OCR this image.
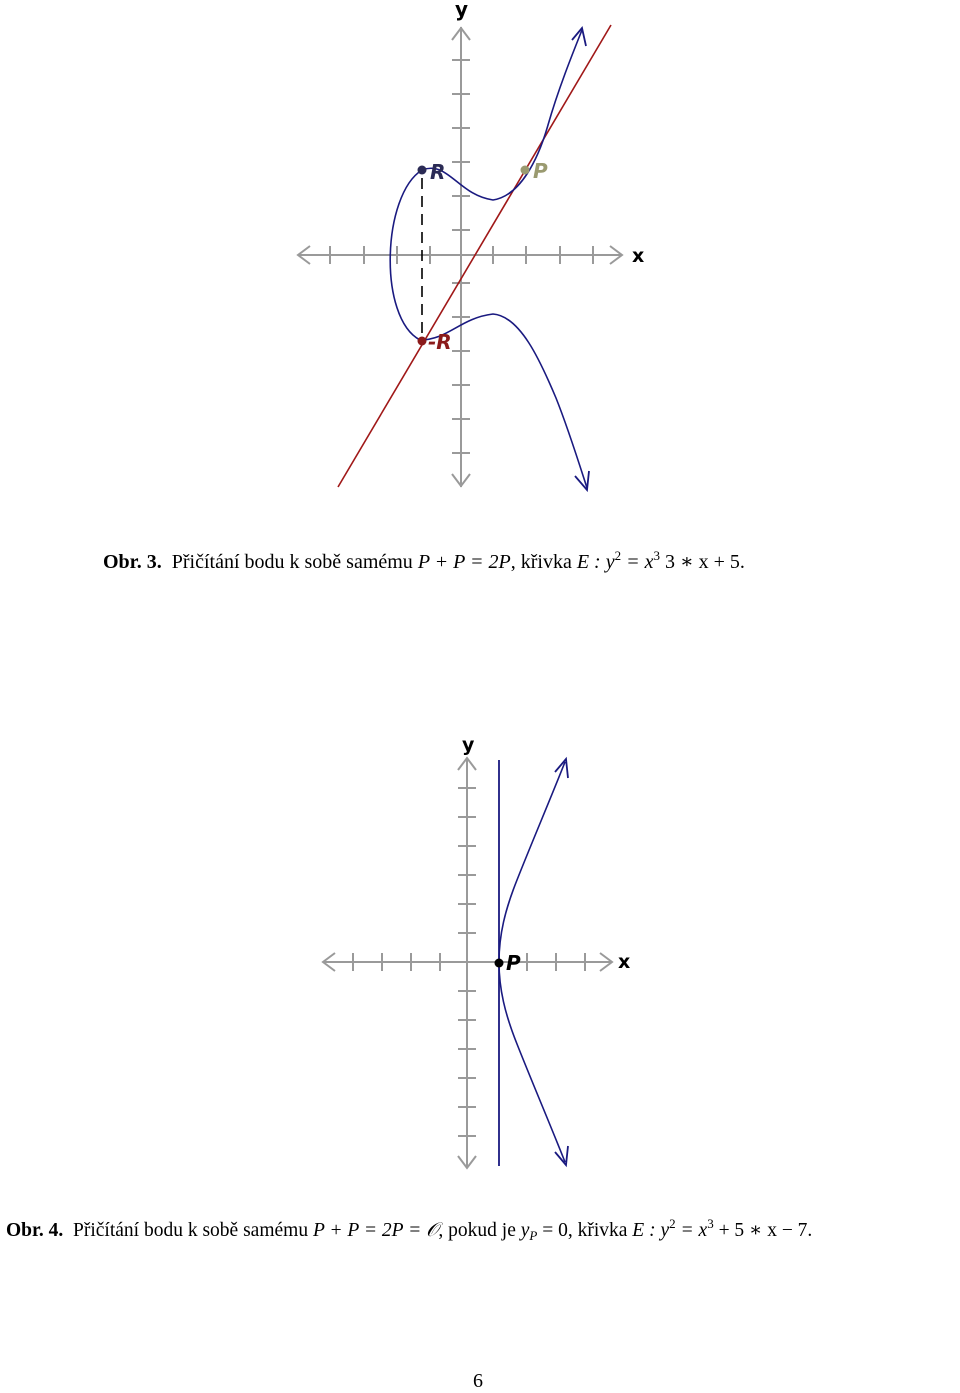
y
x
R	P
-R
Obr. 3. Přičítání bodu k sobě samému P + P = 2P, křivka E : $y^2 = x^3$ 3 ∗ x + 5.
y
x
P
Obr. 4. Přičítání bodu k sobě samému P + P = 2P = 𝒪, pokud je $y_P = 0$, křivka E : $y^2 = x^3 + 5$ ∗ x − 7.
6
